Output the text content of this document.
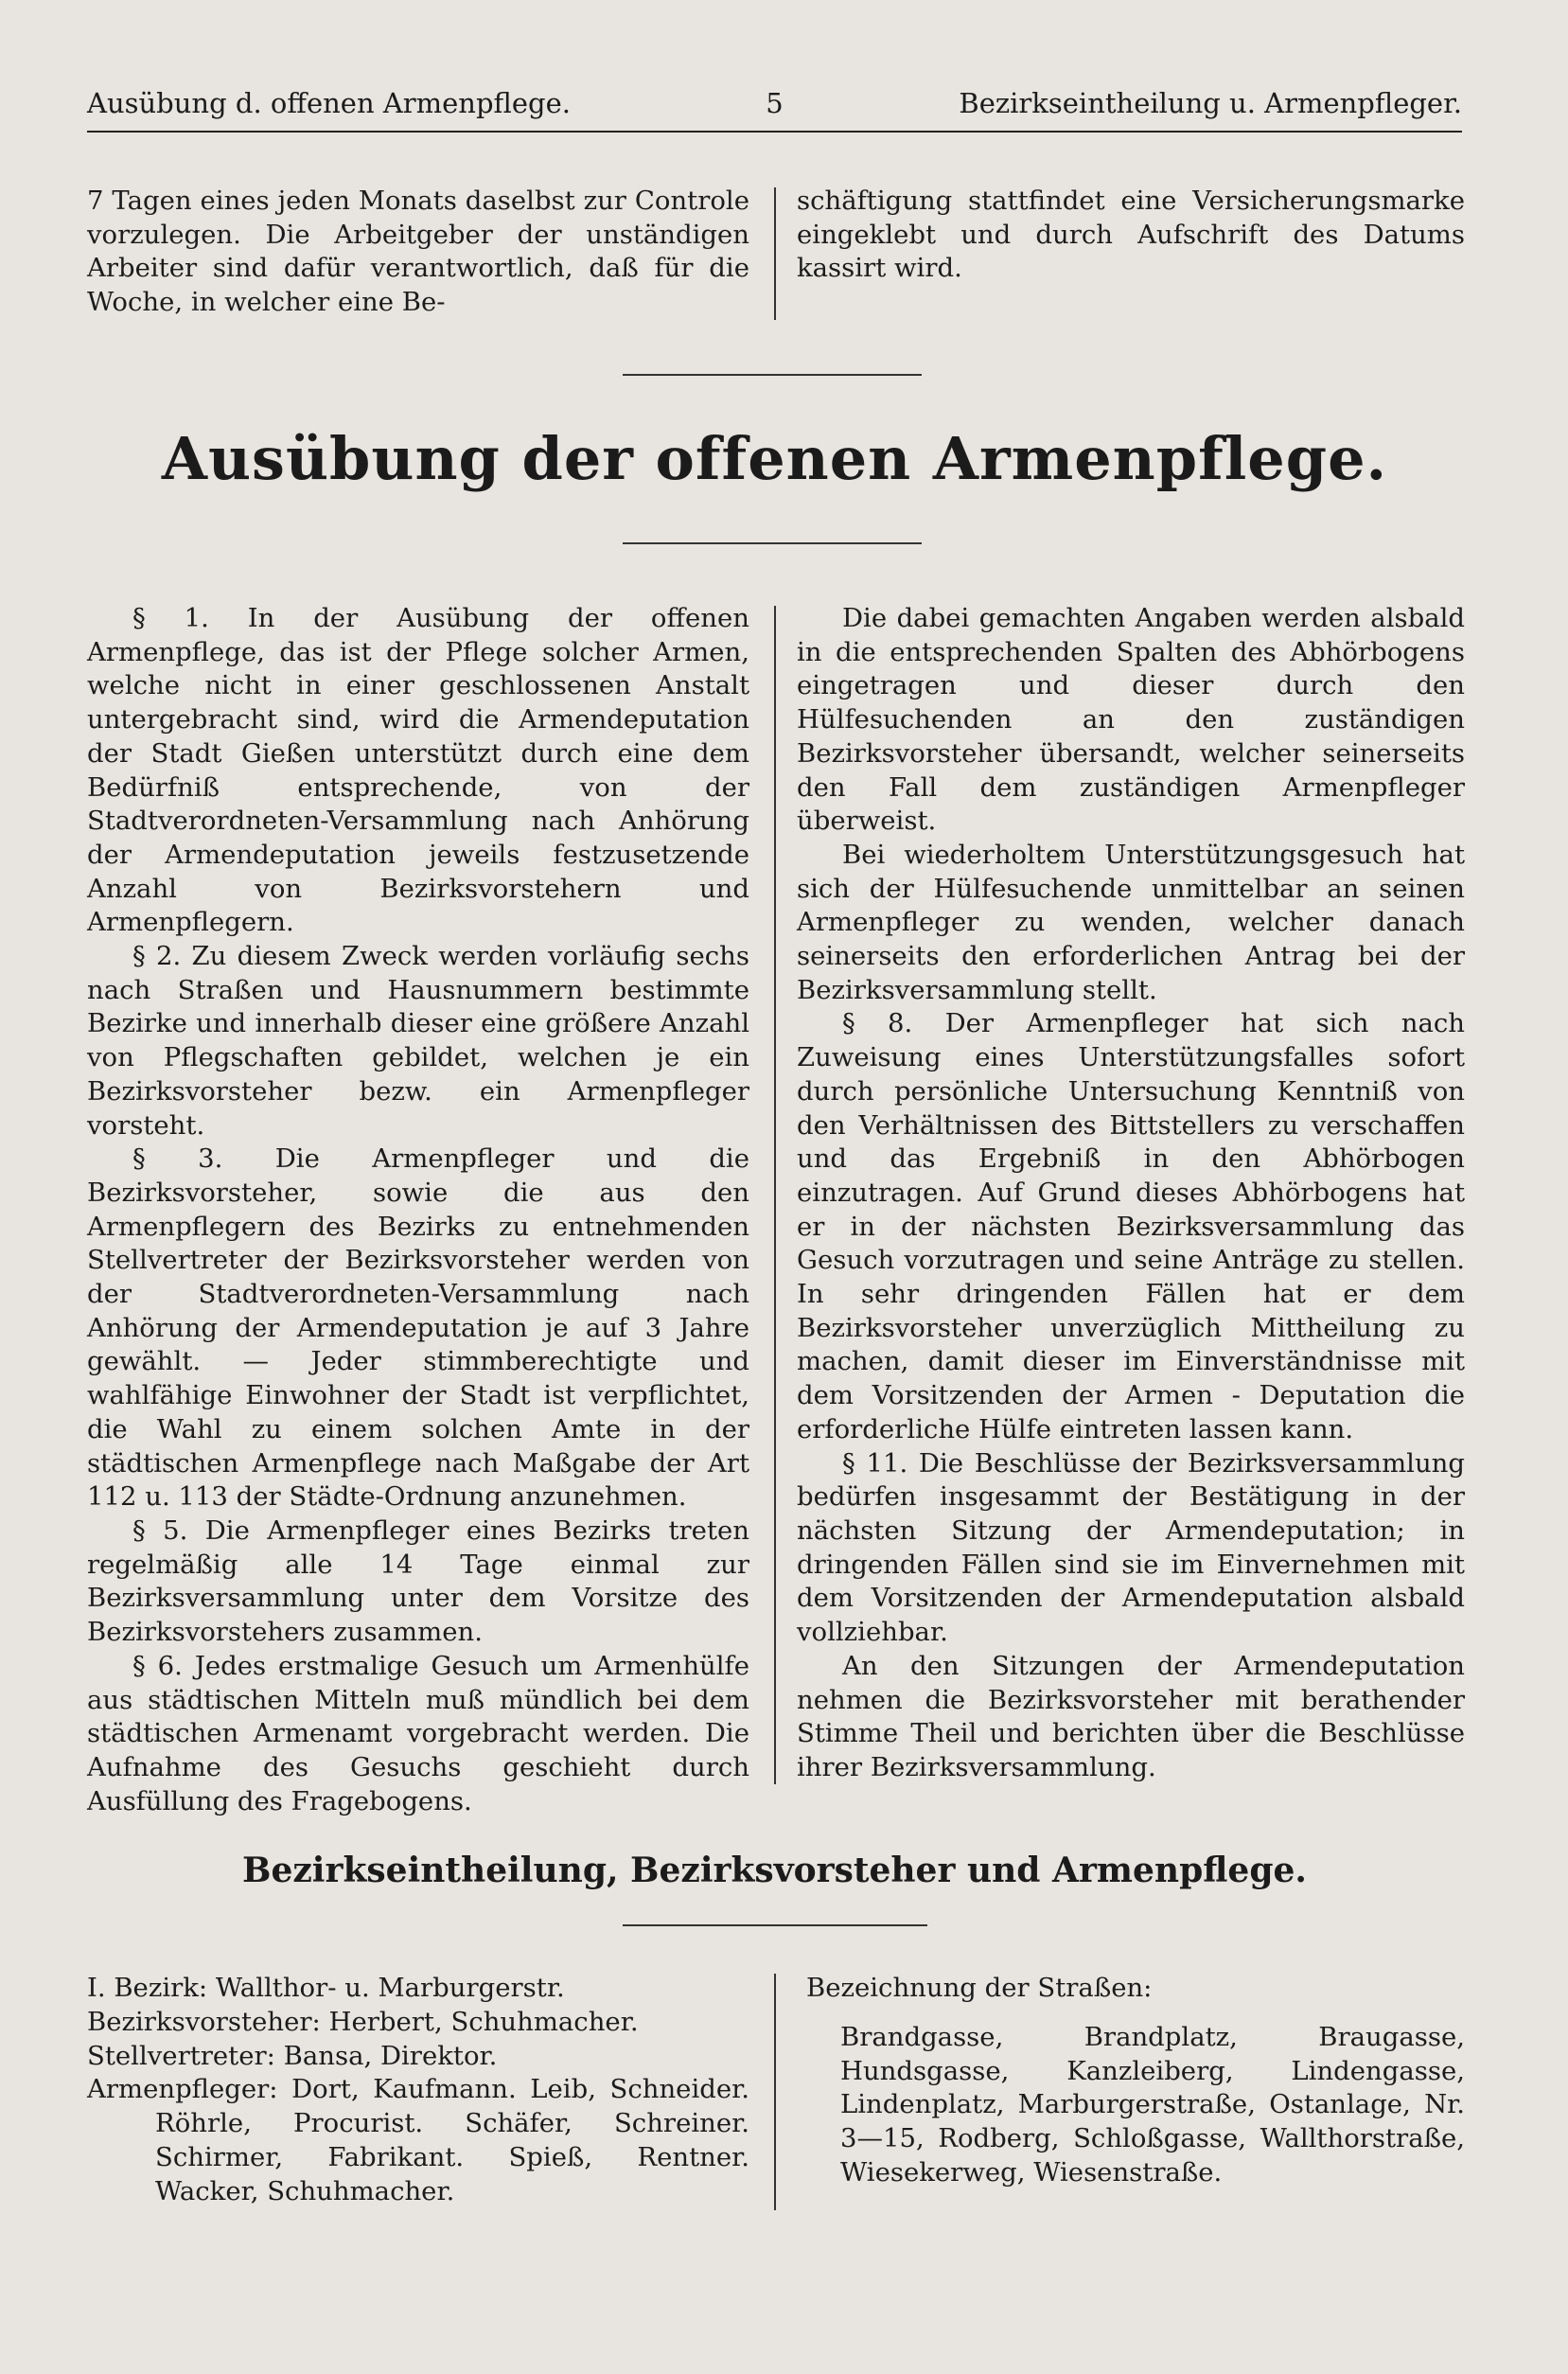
Ausübung d. offenen Armenpflege.	5	Bezirkseintheilung u. Armenpfleger.

7 Tagen eines jeden Monats daselbst zur Controle vorzulegen. Die Arbeitgeber der unständigen Arbeiter sind dafür verantwortlich, daß für die Woche, in welcher eine Be-

schäftigung stattfindet eine Versicherungsmarke eingeklebt und durch Aufschrift des Datums kassirt wird.

Ausübung der offenen Armenpflege.

§ 1. In der Ausübung der offenen Armenpflege, das ist der Pflege solcher Armen, welche nicht in einer geschlossenen Anstalt untergebracht sind, wird die Armendeputation der Stadt Gießen unterstützt durch eine dem Bedürfniß entsprechende, von der Stadtverordneten-Versammlung nach Anhörung der Armendeputation jeweils festzusetzende Anzahl von Bezirksvorstehern und Armenpflegern.

§ 2. Zu diesem Zweck werden vorläufig sechs nach Straßen und Hausnummern bestimmte Bezirke und innerhalb dieser eine größere Anzahl von Pflegschaften gebildet, welchen je ein Bezirksvorsteher bezw. ein Armenpfleger vorsteht.

§ 3. Die Armenpfleger und die Bezirksvorsteher, sowie die aus den Armenpflegern des Bezirks zu entnehmenden Stellvertreter der Bezirksvorsteher werden von der Stadtverordneten-Versammlung nach Anhörung der Armendeputation je auf 3 Jahre gewählt. — Jeder stimmberechtigte und wahlfähige Einwohner der Stadt ist verpflichtet, die Wahl zu einem solchen Amte in der städtischen Armenpflege nach Maßgabe der Art 112 u. 113 der Städte-Ordnung anzunehmen.

§ 5. Die Armenpfleger eines Bezirks treten regelmäßig alle 14 Tage einmal zur Bezirksversammlung unter dem Vorsitze des Bezirksvorstehers zusammen.

§ 6. Jedes erstmalige Gesuch um Armenhülfe aus städtischen Mitteln muß mündlich bei dem städtischen Armenamt vorgebracht werden. Die Aufnahme des Gesuchs geschieht durch Ausfüllung des Fragebogens.

Die dabei gemachten Angaben werden alsbald in die entsprechenden Spalten des Abhörbogens eingetragen und dieser durch den Hülfesuchenden an den zuständigen Bezirksvorsteher übersandt, welcher seinerseits den Fall dem zuständigen Armenpfleger überweist.

Bei wiederholtem Unterstützungsgesuch hat sich der Hülfesuchende unmittelbar an seinen Armenpfleger zu wenden, welcher danach seinerseits den erforderlichen Antrag bei der Bezirksversammlung stellt.

§ 8. Der Armenpfleger hat sich nach Zuweisung eines Unterstützungsfalles sofort durch persönliche Untersuchung Kenntniß von den Verhältnissen des Bittstellers zu verschaffen und das Ergebniß in den Abhörbogen einzutragen. Auf Grund dieses Abhörbogens hat er in der nächsten Bezirksversammlung das Gesuch vorzutragen und seine Anträge zu stellen. In sehr dringenden Fällen hat er dem Bezirksvorsteher unverzüglich Mittheilung zu machen, damit dieser im Einverständnisse mit dem Vorsitzenden der Armen - Deputation die erforderliche Hülfe eintreten lassen kann.

§ 11. Die Beschlüsse der Bezirksversammlung bedürfen insgesammt der Bestätigung in der nächsten Sitzung der Armendeputation; in dringenden Fällen sind sie im Einvernehmen mit dem Vorsitzenden der Armendeputation alsbald vollziehbar.

An den Sitzungen der Armendeputation nehmen die Bezirksvorsteher mit berathender Stimme Theil und berichten über die Beschlüsse ihrer Bezirksversammlung.

Bezirkseintheilung, Bezirksvorsteher und Armenpflege.

I. Bezirk: Wallthor- u. Marburgerstr.

Bezirksvorsteher: Herbert, Schuhmacher.

Stellvertreter: Bansa, Direktor.

Armenpfleger: Dort, Kaufmann. Leib, Schneider. Röhrle, Procurist. Schäfer, Schreiner. Schirmer, Fabrikant. Spieß, Rentner. Wacker, Schuhmacher.

Bezeichnung der Straßen:

Brandgasse, Brandplatz, Braugasse, Hundsgasse, Kanzleiberg, Lindengasse, Lindenplatz, Marburgerstraße, Ostanlage, Nr. 3—15, Rodberg, Schloßgasse, Wallthorstraße, Wiesekerweg, Wiesenstraße.
